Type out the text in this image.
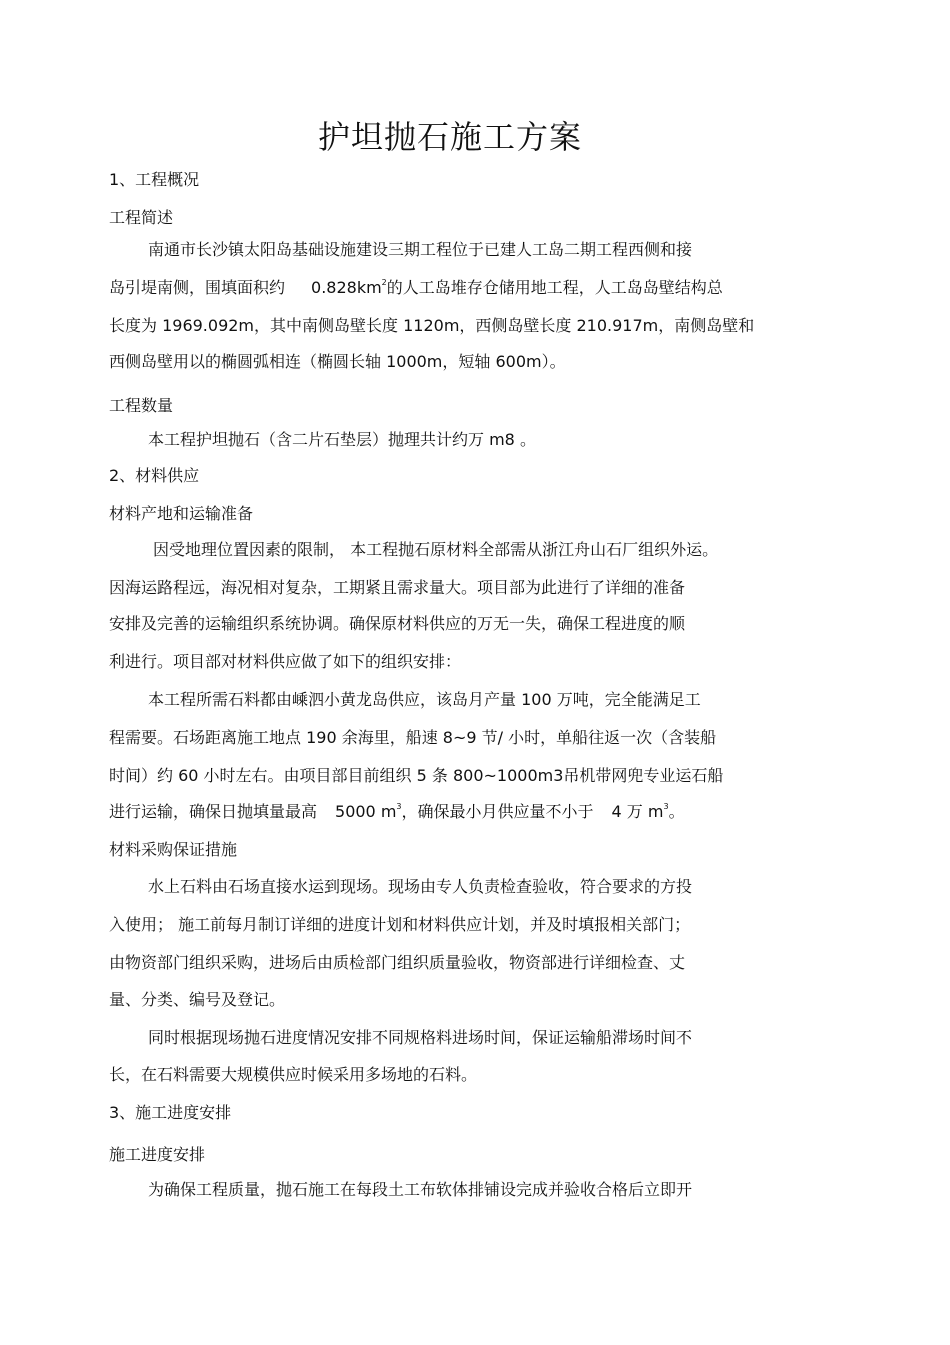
护坦抛石施工方案
1、工程概况
工程简述
南通市长沙镇太阳岛基础设施建设三期工程位于已建人工岛二期工程西侧和接
岛引堤南侧，围填面积约 $0.828km^2$的人工岛堆存仓储用地工程，人工岛岛壁结构总
长度为 1969.092m，其中南侧岛壁长度 1120m，西侧岛壁长度 210.917m，南侧岛壁和
西侧岛壁用以的椭圆弧相连（椭圆长轴 1000m，短轴 600m）。
工程数量
本工程护坦抛石（含二片石垫层）抛理共计约万 m8 。
2、材料供应
材料产地和运输准备
因受地理位置因素的限制， 本工程抛石原材料全部需从浙江舟山石厂组织外运。
因海运路程远，海况相对复杂，工期紧且需求量大。项目部为此进行了详细的准备
安排及完善的运输组织系统协调。确保原材料供应的万无一失，确保工程进度的顺
利进行。项目部对材料供应做了如下的组织安排：
本工程所需石料都由嵊泗小黄龙岛供应，该岛月产量 100 万吨，完全能满足工
程需要。石场距离施工地点 190 余海里，船速 8~9 节/ 小时，单船往返一次（含装船
时间）约 60 小时左右。由项目部目前组织 5 条 800~1000m3吊机带网兜专业运石船
进行运输，确保日抛填量最高 5000 $m^3$，确保最小月供应量不小于 4 万 $m^3$。
材料采购保证措施
水上石料由石场直接水运到现场。现场由专人负责检查验收，符合要求的方投
入使用； 施工前每月制订详细的进度计划和材料供应计划，并及时填报相关部门；
由物资部门组织采购，进场后由质检部门组织质量验收，物资部进行详细检查、丈
量、分类、编号及登记。
同时根据现场抛石进度情况安排不同规格料进场时间，保证运输船滞场时间不
长，在石料需要大规模供应时候采用多场地的石料。
3、施工进度安排
施工进度安排
为确保工程质量，抛石施工在每段土工布软体排铺设完成并验收合格后立即开
